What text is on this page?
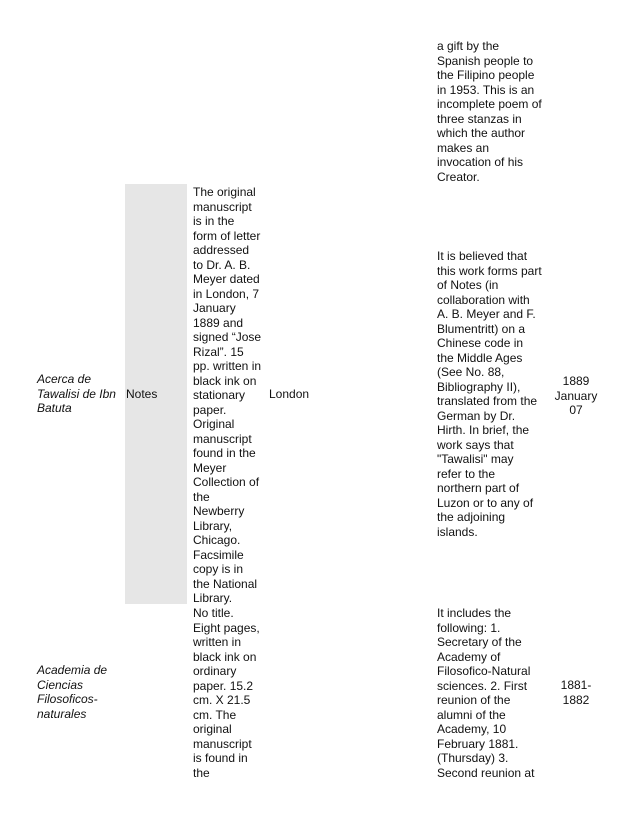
a gift by the
Spanish people to
the Filipino people
in 1953. This is an
incomplete poem of
three stanzas in
which the author
makes an
invocation of his
Creator.
Acerca de
Tawalisi de Ibn
Batuta
Notes
The original
manuscript
is in the
form of letter
addressed
to Dr. A. B.
Meyer dated
in London, 7
January
1889 and
signed “Jose
Rizal”. 15
pp. written in
black ink on
stationary
paper.
Original
manuscript
found in the
Meyer
Collection of
the
Newberry
Library,
Chicago.
Facsimile
copy is in
the National
Library.
London
It is believed that
this work forms part
of Notes (in
collaboration with
A. B. Meyer and F.
Blumentritt) on a
Chinese code in
the Middle Ages
(See No. 88,
Bibliography II),
translated from the
German by Dr.
Hirth. In brief, the
work says that
"Tawalisi" may
refer to the
northern part of
Luzon or to any of
the adjoining
islands.
1889
January
07
Academia de
Ciencias
Filosoficos-
naturales
No title.
Eight pages,
written in
black ink on
ordinary
paper. 15.2
cm. X 21.5
cm. The
original
manuscript
is found in
the
It includes the
following: 1.
Secretary of the
Academy of
Filosofico-Natural
sciences. 2. First
reunion of the
alumni of the
Academy, 10
February 1881.
(Thursday) 3.
Second reunion at
1881-
1882
